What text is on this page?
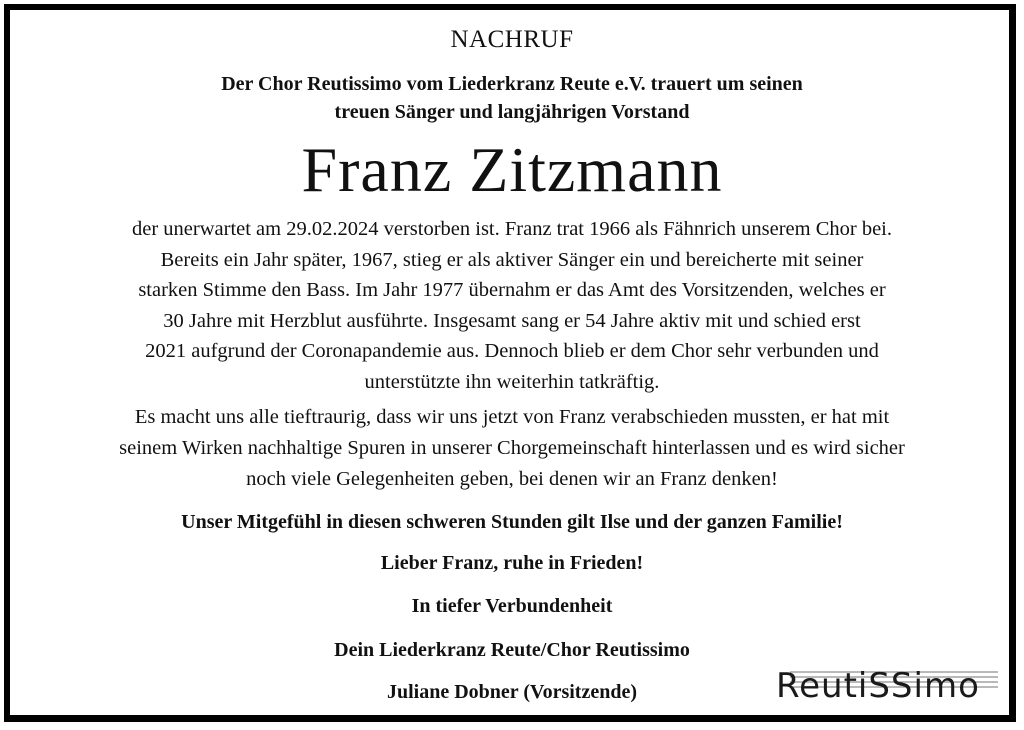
NACHRUF
Der Chor Reutissimo vom Liederkranz Reute e.V. trauert um seinen
treuen Sänger und langjährigen Vorstand
Franz Zitzmann
der unerwartet am 29.02.2024 verstorben ist. Franz trat 1966 als Fähnrich unserem Chor bei.
Bereits ein Jahr später, 1967, stieg er als aktiver Sänger ein und bereicherte mit seiner
starken Stimme den Bass. Im Jahr 1977 übernahm er das Amt des Vorsitzenden, welches er
30 Jahre mit Herzblut ausführte. Insgesamt sang er 54 Jahre aktiv mit und schied erst
2021 aufgrund der Coronapandemie aus. Dennoch blieb er dem Chor sehr verbunden und
unterstützte ihn weiterhin tatkräftig.
Es macht uns alle tieftraurig, dass wir uns jetzt von Franz verabschieden mussten, er hat mit
seinem Wirken nachhaltige Spuren in unserer Chorgemeinschaft hinterlassen und es wird sicher
noch viele Gelegenheiten geben, bei denen wir an Franz denken!
Unser Mitgefühl in diesen schweren Stunden gilt Ilse und der ganzen Familie!
Lieber Franz, ruhe in Frieden!
In tiefer Verbundenheit
Dein Liederkranz Reute/Chor Reutissimo
Juliane Dobner (Vorsitzende)	ReutiSSimo
